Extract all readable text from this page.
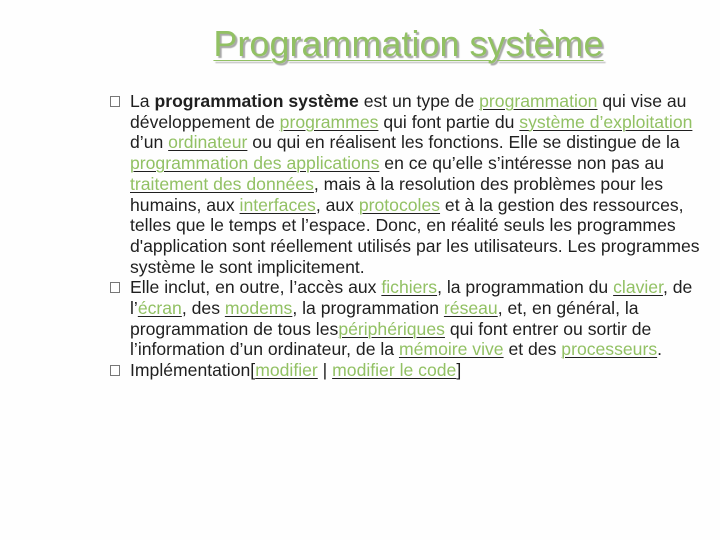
Programmation système

La programmation système est un type de programmation qui vise au développement de programmes qui font partie du système d’exploitation d’un ordinateur ou qui en réalisent les fonctions. Elle se distingue de la programmation des applications en ce qu’elle s’intéresse non pas au traitement des données, mais à la resolution des problèmes pour les humains, aux interfaces, aux protocoles et à la gestion des ressources, telles que le temps et l’espace. Donc, en réalité seuls les programmes d'application sont réellement utilisés par les utilisateurs. Les programmes système le sont implicitement.

Elle inclut, en outre, l’accès aux fichiers, la programmation du clavier, de l’écran, des modems, la programmation réseau, et, en général, la programmation de tous lespériphériques qui font entrer ou sortir de l’information d’un ordinateur, de la mémoire vive et des processeurs.

Implémentation[modifier | modifier le code]
